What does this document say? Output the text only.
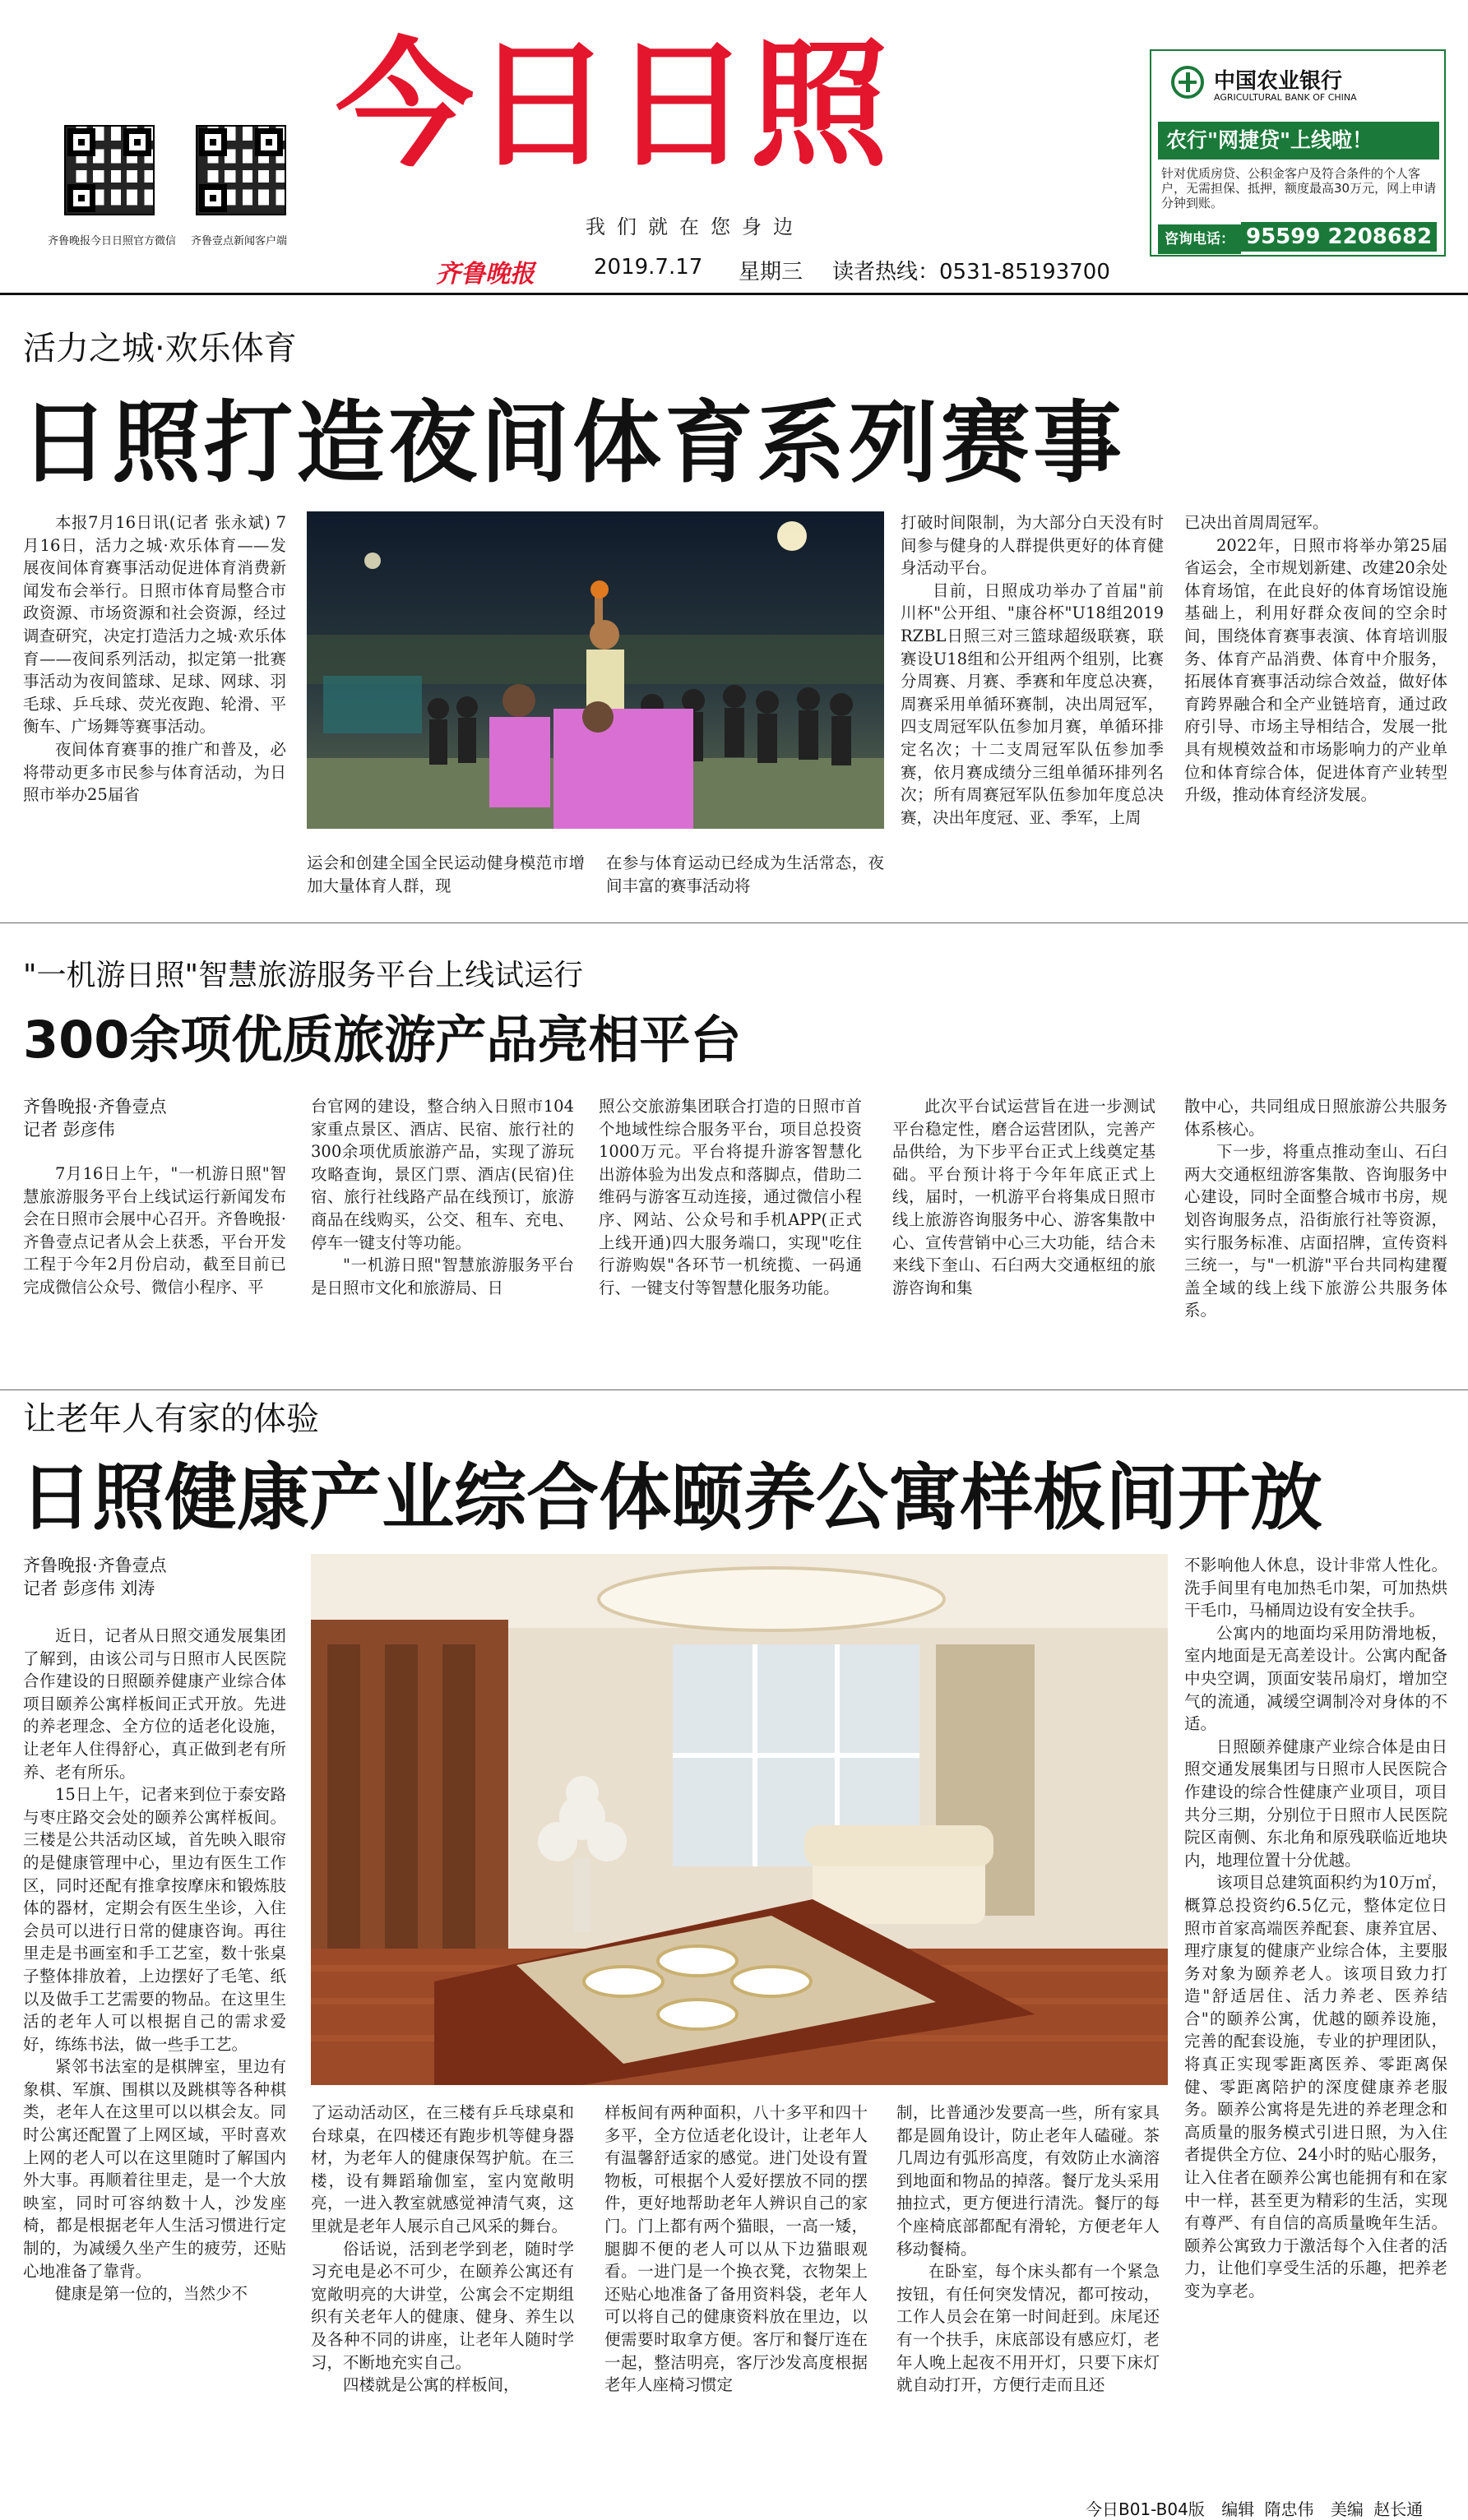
齐鲁晚报今日日照官方微信	齐鲁壹点新闻客户端
今日日照
我们就在您身边
齐鲁晚报	2019.7.17 星期三 读者热线：0531-85193700
中国农业银行
AGRICULTURAL BANK OF CHINA
农行"网捷贷"上线啦！
针对优质房贷、公积金客户及符合条件的个人客户，无需担保、抵押，额度最高30万元，网上申请分钟到账。
咨询电话： 95599 2208682
活力之城·欢乐体育
日照打造夜间体育系列赛事

本报7月16日讯(记者 张永斌) 7月16日，活力之城·欢乐体育——发展夜间体育赛事活动促进体育消费新闻发布会举行。日照市体育局整合市政资源、市场资源和社会资源，经过调查研究，决定打造活力之城·欢乐体育——夜间系列活动，拟定第一批赛事活动为夜间篮球、足球、网球、羽毛球、乒乓球、荧光夜跑、轮滑、平衡车、广场舞等赛事活动。

夜间体育赛事的推广和普及，必将带动更多市民参与体育活动，为日照市举办25届省

运会和创建全国全民运动健身模范市增加大量体育人群，现
在参与体育运动已经成为生活常态，夜间丰富的赛事活动将

打破时间限制，为大部分白天没有时间参与健身的人群提供更好的体育健身活动平台。

目前，日照成功举办了首届"前川杯"公开组、"康谷杯"U18组2019RZBL日照三对三篮球超级联赛，联赛设U18组和公开组两个组别，比赛分周赛、月赛、季赛和年度总决赛，周赛采用单循环赛制，决出周冠军，四支周冠军队伍参加月赛，单循环排定名次；十二支周冠军队伍参加季赛，依月赛成绩分三组单循环排列名次；所有周赛冠军队伍参加年度总决赛，决出年度冠、亚、季军，上周

已决出首周周冠军。

2022年，日照市将举办第25届省运会，全市规划新建、改建20余处体育场馆，在此良好的体育场馆设施基础上，利用好群众夜间的空余时间，围绕体育赛事表演、体育培训服务、体育产品消费、体育中介服务，拓展体育赛事活动综合效益，做好体育跨界融合和全产业链培育，通过政府引导、市场主导相结合，发展一批具有规模效益和市场影响力的产业单位和体育综合体，促进体育产业转型升级，推动体育经济发展。

"一机游日照"智慧旅游服务平台上线试运行
300余项优质旅游产品亮相平台
齐鲁晚报·齐鲁壹点
记者 彭彦伟

7月16日上午，"一机游日照"智慧旅游服务平台上线试运行新闻发布会在日照市会展中心召开。齐鲁晚报·齐鲁壹点记者从会上获悉，平台开发工程于今年2月份启动，截至目前已完成微信公众号、微信小程序、平

台官网的建设，整合纳入日照市104家重点景区、酒店、民宿、旅行社的300余项优质旅游产品，实现了游玩攻略查询，景区门票、酒店(民宿)住宿、旅行社线路产品在线预订，旅游商品在线购买，公交、租车、充电、停车一键支付等功能。

"一机游日照"智慧旅游服务平台是日照市文化和旅游局、日

照公交旅游集团联合打造的日照市首个地域性综合服务平台，项目总投资1000万元。平台将提升游客智慧化出游体验为出发点和落脚点，借助二维码与游客互动连接，通过微信小程序、网站、公众号和手机APP(正式上线开通)四大服务端口，实现"吃住行游购娱"各环节一机统揽、一码通行、一键支付等智慧化服务功能。

此次平台试运营旨在进一步测试平台稳定性，磨合运营团队，完善产品供给，为下步平台正式上线奠定基础。平台预计将于今年年底正式上线，届时，一机游平台将集成日照市线上旅游咨询服务中心、游客集散中心、宣传营销中心三大功能，结合未来线下奎山、石臼两大交通枢纽的旅游咨询和集

散中心，共同组成日照旅游公共服务体系核心。

下一步，将重点推动奎山、石臼两大交通枢纽游客集散、咨询服务中心建设，同时全面整合城市书房，规划咨询服务点，沿街旅行社等资源，实行服务标准、店面招牌，宣传资料三统一，与"一机游"平台共同构建覆盖全域的线上线下旅游公共服务体系。

让老年人有家的体验
日照健康产业综合体颐养公寓样板间开放
齐鲁晚报·齐鲁壹点
记者 彭彦伟 刘涛

近日，记者从日照交通发展集团了解到，由该公司与日照市人民医院合作建设的日照颐养健康产业综合体项目颐养公寓样板间正式开放。先进的养老理念、全方位的适老化设施，让老年人住得舒心，真正做到老有所养、老有所乐。

15日上午，记者来到位于泰安路与枣庄路交会处的颐养公寓样板间。三楼是公共活动区域，首先映入眼帘的是健康管理中心，里边有医生工作区，同时还配有推拿按摩床和锻炼肢体的器材，定期会有医生坐诊，入住会员可以进行日常的健康咨询。再往里走是书画室和手工艺室，数十张桌子整体排放着，上边摆好了毛笔、纸以及做手工艺需要的物品。在这里生活的老年人可以根据自己的需求爱好，练练书法，做一些手工艺。

紧邻书法室的是棋牌室，里边有象棋、军旗、围棋以及跳棋等各种棋类，老年人在这里可以以棋会友。同时公寓还配置了上网区域，平时喜欢上网的老人可以在这里随时了解国内外大事。再顺着往里走，是一个大放映室，同时可容纳数十人，沙发座椅，都是根据老年人生活习惯进行定制的，为减缓久坐产生的疲劳，还贴心地准备了靠背。

健康是第一位的，当然少不

了运动活动区，在三楼有乒乓球桌和台球桌，在四楼还有跑步机等健身器材，为老年人的健康保驾护航。在三楼，设有舞蹈瑜伽室，室内宽敞明亮，一进入教室就感觉神清气爽，这里就是老年人展示自己风采的舞台。

俗话说，活到老学到老，随时学习充电是必不可少，在颐养公寓还有宽敞明亮的大讲堂，公寓会不定期组织有关老年人的健康、健身、养生以及各种不同的讲座，让老年人随时学习，不断地充实自己。

四楼就是公寓的样板间，

样板间有两种面积，八十多平和四十多平，全方位适老化设计，让老年人有温馨舒适家的感觉。进门处设有置物板，可根据个人爱好摆放不同的摆件，更好地帮助老年人辨识自己的家门。门上都有两个猫眼，一高一矮，腿脚不便的老人可以从下边猫眼观看。一进门是一个换衣凳，衣物架上还贴心地准备了备用资料袋，老年人可以将自己的健康资料放在里边，以便需要时取拿方便。客厅和餐厅连在一起，整洁明亮，客厅沙发高度根据老年人座椅习惯定

制，比普通沙发要高一些，所有家具都是圆角设计，防止老年人磕碰。茶几周边有弧形高度，有效防止水滴溶到地面和物品的掉落。餐厅龙头采用抽拉式，更方便进行清洗。餐厅的每个座椅底部都配有滑轮，方便老年人移动餐椅。

在卧室，每个床头都有一个紧急按钮，有任何突发情况，都可按动，工作人员会在第一时间赶到。床尾还有一个扶手，床底部设有感应灯，老年人晚上起夜不用开灯，只要下床灯就自动打开，方便行走而且还

不影响他人休息，设计非常人性化。洗手间里有电加热毛巾架，可加热烘干毛巾，马桶周边设有安全扶手。

公寓内的地面均采用防滑地板，室内地面是无高差设计。公寓内配备中央空调，顶面安装吊扇灯，增加空气的流通，减缓空调制冷对身体的不适。

日照颐养健康产业综合体是由日照交通发展集团与日照市人民医院合作建设的综合性健康产业项目，项目共分三期，分别位于日照市人民医院院区南侧、东北角和原残联临近地块内，地理位置十分优越。

该项目总建筑面积约为10万㎡，概算总投资约6.5亿元，整体定位日照市首家高端医养配套、康养宜居、理疗康复的健康产业综合体，主要服务对象为颐养老人。该项目致力打造"舒适居住、活力养老、医养结合"的颐养公寓，优越的颐养设施，完善的配套设施，专业的护理团队，将真正实现零距离医养、零距离保健、零距离陪护的深度健康养老服务。颐养公寓将是先进的养老理念和高质量的服务模式引进日照，为入住者提供全方位、24小时的贴心服务，让入住者在颐养公寓也能拥有和在家中一样，甚至更为精彩的生活，实现有尊严、有自信的高质量晚年生活。颐养公寓致力于激活每个入住者的活力，让他们享受生活的乐趣，把养老变为享老。

今日B01-B04版 编辑 隋忠伟 美编 赵长通
